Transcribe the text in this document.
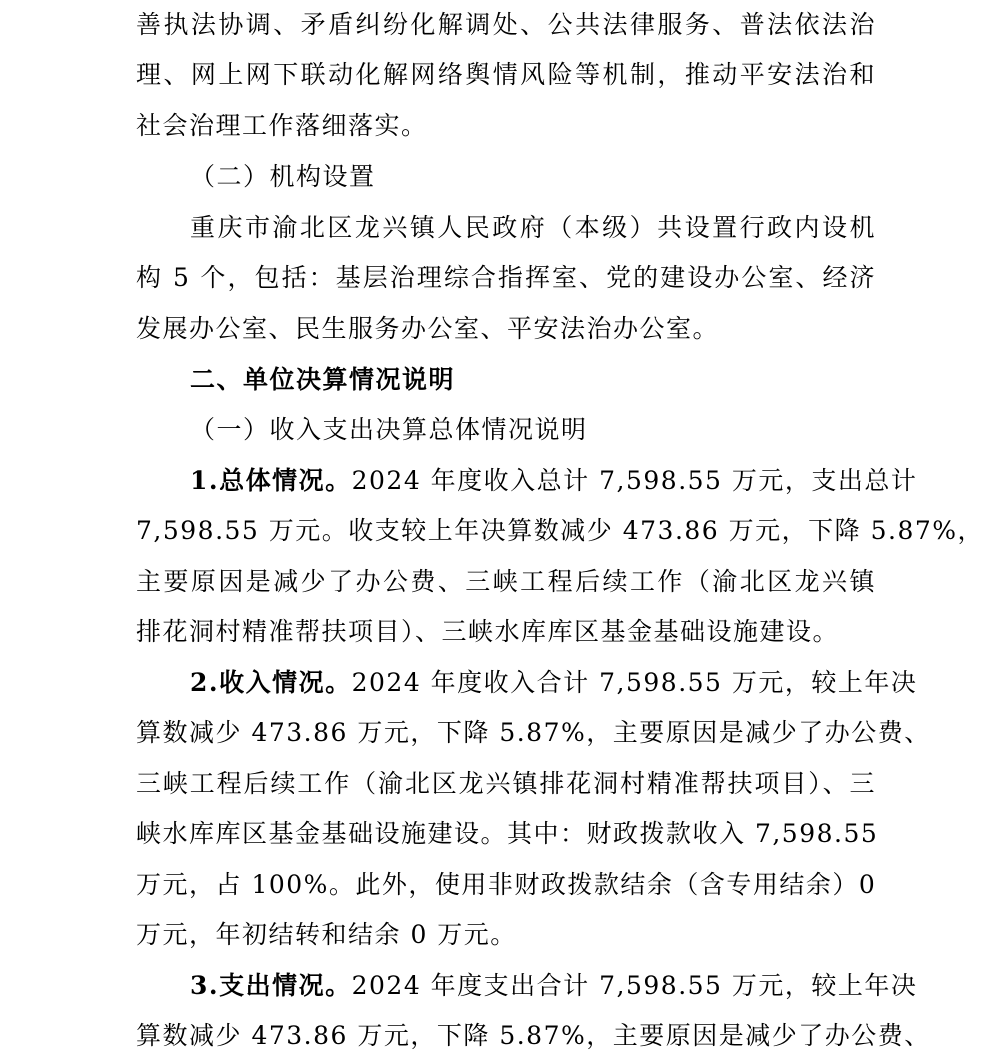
善执法协调、矛盾纠纷化解调处、公共法律服务、普法依法治
理、网上网下联动化解网络舆情风险等机制，推动平安法治和
社会治理工作落细落实。
（二）机构设置
重庆市渝北区龙兴镇人民政府（本级）共设置行政内设机
构 5 个，包括：基层治理综合指挥室、党的建设办公室、经济
发展办公室、民生服务办公室、平安法治办公室。
二、单位决算情况说明
（一）收入支出决算总体情况说明
1.总体情况。2024 年度收入总计 7,598.55 万元，支出总计
7,598.55 万元。收支较上年决算数减少 473.86 万元，下降 5.87%，
主要原因是减少了办公费、三峡工程后续工作（渝北区龙兴镇
排花洞村精准帮扶项目）、三峡水库库区基金基础设施建设。
2.收入情况。2024 年度收入合计 7,598.55 万元，较上年决
算数减少 473.86 万元，下降 5.87%，主要原因是减少了办公费、
三峡工程后续工作（渝北区龙兴镇排花洞村精准帮扶项目）、三
峡水库库区基金基础设施建设。其中：财政拨款收入 7,598.55
万元，占 100%。此外，使用非财政拨款结余（含专用结余）0
万元，年初结转和结余 0 万元。
3.支出情况。2024 年度支出合计 7,598.55 万元，较上年决
算数减少 473.86 万元，下降 5.87%，主要原因是减少了办公费、
